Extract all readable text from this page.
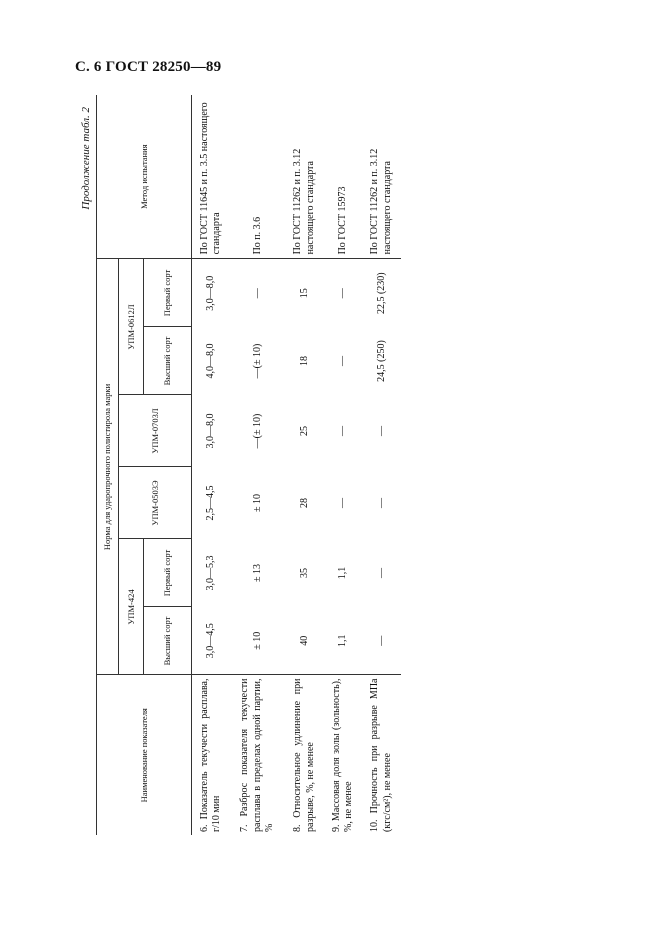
С. 6 ГОСТ 28250—89
Продолжение табл. 2
Наименование показателя	Норма для ударопрочного полистирола марки						Метод испытания
	УПМ-424		УПМ-0503Э	УПМ-0703Л	УПМ-0612Л		
	Высший сорт	Первый сорт			Высший сорт	Первый сорт	
6. Показатель текучести расплава, г/10 мин	3,0—4,5	3,0—5,3	2,5—4,5	3,0—8,0	4,0—8,0	3,0—8,0	По ГОСТ 11645 и п. 3.5 настоящего стандарта
7. Разброс показателя текучести расплава в пределах одной партии, %	± 10	± 13	± 10	—(± 10)	—(± 10)	—	По п. 3.6
8. Относительное удлинение при разрыве, %, не менее	40	35	28	25	18	15	По ГОСТ 11262 и п. 3.12 настоящего стандарта
9. Массовая доля золы (зольность), %, не менее	1,1	1,1	—	—	—	—	По ГОСТ 15973
10. Прочность при разрыве МПа (кгс/см²), не менее	—	—	—	—	24,5 (250)	22,5 (230)	По ГОСТ 11262 и п. 3.12 настоящего стандарта
